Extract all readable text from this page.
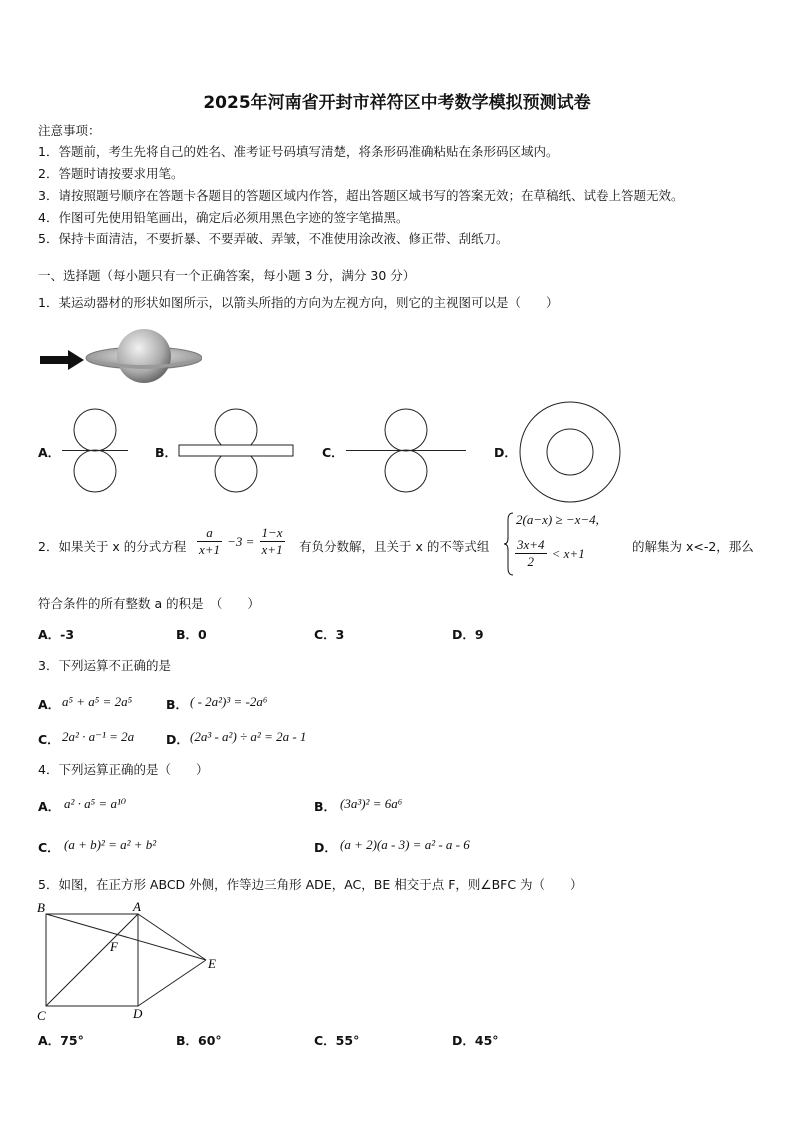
2025年河南省开封市祥符区中考数学模拟预测试卷
注意事项：
1．答题前，考生先将自己的姓名、准考证号码填写清楚，将条形码准确粘贴在条形码区域内。
2．答题时请按要求用笔。
3．请按照题号顺序在答题卡各题目的答题区域内作答，超出答题区域书写的答案无效；在草稿纸、试卷上答题无效。
4．作图可先使用铅笔画出，确定后必须用黑色字迹的签字笔描黑。
5．保持卡面清洁，不要折暴、不要弄破、弄皱，不准使用涂改液、修正带、刮纸刀。
一、选择题（每小题只有一个正确答案，每小题 3 分，满分 30 分）
1．某运动器材的形状如图所示，以箭头所指的方向为左视方向，则它的主视图可以是（　　）
A．	B．	C．	D．
2．如果关于 x 的分式方程 $\frac{a}{x+1} -3 = \frac{1-x}{x+1}$ 有负分数解，且关于 x 的不等式组
2(a−x) ≥ −x−4,
$\frac{3x+4}{2} < x+1$	的解集为 x<-2，那么
符合条件的所有整数 a 的积是　（　　）
A．-3	B．0	C．3	D．9
3．下列运算不正确的是
A． a⁵ + a⁵ = 2a⁵	B． ( - 2a²)³ = -2a⁶
C． 2a² · a⁻¹ = 2a	D． (2a³ - a²) ÷ a² = 2a - 1
4．下列运算正确的是（　　）
A． a² · a⁵ = a¹⁰	B． (3a³)² = 6a⁶
C． (a + b)² = a² + b²	D． (a + 2)(a - 3) = a² - a - 6
5．如图，在正方形 ABCD 外侧，作等边三角形 ADE，AC，BE 相交于点 F，则∠BFC 为（　　）
B	A
F
E
C	D
A．75°	B．60°	C．55°	D．45°
